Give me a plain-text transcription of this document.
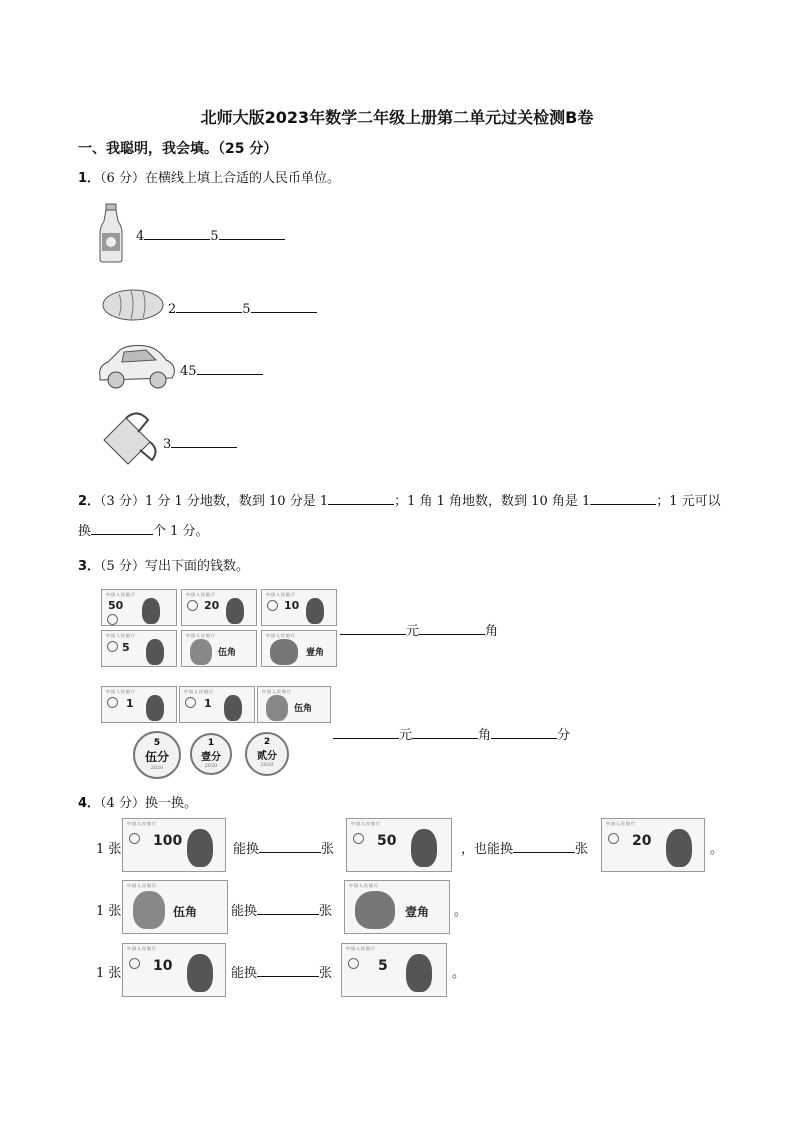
北师大版2023年数学二年级上册第二单元过关检测B卷
一、我聪明，我会填。（25 分）
1．（6 分）在横线上填上合适的人民币单位。
4	5
2	5
45
3
2．（3 分）1 分 1 分地数，数到 10 分是 1	；1 角 1 角地数，数到 10 角是 1	；1 元可以
换	个 1 分。
3．（5 分）写出下面的钱数。
中国人民银行
50
中国人民银行
20
中国人民银行
10
中国人民银行
5
中国人民银行
伍角
中国人民银行
壹角
元	角
中国人民银行
1
中国人民银行
1
中国人民银行
伍角
5
伍分
2020
1
壹分
2020
2
贰分
2020
元	角	分
4．（4 分）换一换。
1 张
中国人民银行
100
能换	张
中国人民银行
50
，也能换	张
中国人民银行
20
。
1 张
中国人民银行
伍角	能换	张
中国人民银行
壹角 。
1 张
中国人民银行
10	能换	张
中国人民银行
5	。
